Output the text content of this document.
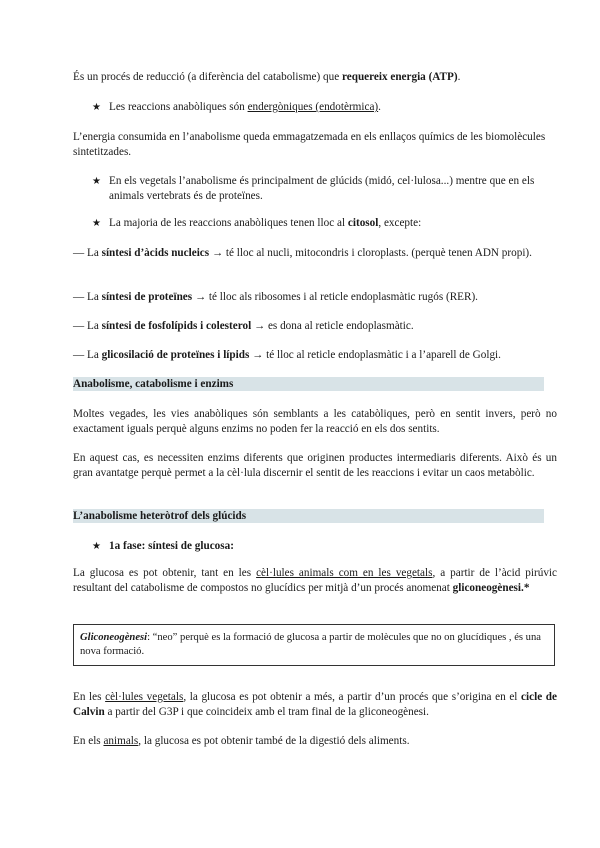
És un procés de reducció (a diferència del catabolisme) que requereix energia (ATP).

★ Les reaccions anabòliques són endergòniques (endotèrmica).

L’energia consumida en l’anabolisme queda emmagatzemada en els enllaços químics de les biomolècules sintetitzades.

★ En els vegetals l’anabolisme és principalment de glúcids (midó, cel·lulosa...) mentre que en els animals vertebrats és de proteïnes.

★ La majoria de les reaccions anabòliques tenen lloc al citosol, excepte:

— La síntesi d’àcids nucleics → té lloc al nucli, mitocondris i cloroplasts. (perquè tenen ADN propi).

— La síntesi de proteïnes → té lloc als ribosomes i al reticle endoplasmàtic rugós (RER).

— La síntesi de fosfolípids i colesterol → es dona al reticle endoplasmàtic.

— La glicosilació de proteïnes i lípids → té lloc al reticle endoplasmàtic i a l’aparell de Golgi.

Anabolisme, catabolisme i enzims

Moltes vegades, les vies anabòliques són semblants a les catabòliques, però en sentit invers, però no exactament iguals perquè alguns enzims no poden fer la reacció en els dos sentits.

En aquest cas, es necessiten enzims diferents que originen productes intermediaris diferents. Això és un gran avantatge perquè permet a la cèl·lula discernir el sentit de les reaccions i evitar un caos metabòlic.

L’anabolisme heteròtrof dels glúcids

★ 1a fase: síntesi de glucosa:

La glucosa es pot obtenir, tant en les cèl·lules animals com en les vegetals, a partir de l’àcid pirúvic resultant del catabolisme de compostos no glucídics per mitjà d’un procés anomenat gliconeogènesi.*

Gliconeogènesi: “neo” perquè es la formació de glucosa a partir de molècules que no on glucídiques , és una nova formació.

En les cèl·lules vegetals, la glucosa es pot obtenir a més, a partir d’un procés que s’origina en el cicle de Calvin a partir del G3P i que coincideix amb el tram final de la gliconeogènesi.

En els animals, la glucosa es pot obtenir també de la digestió dels aliments.
